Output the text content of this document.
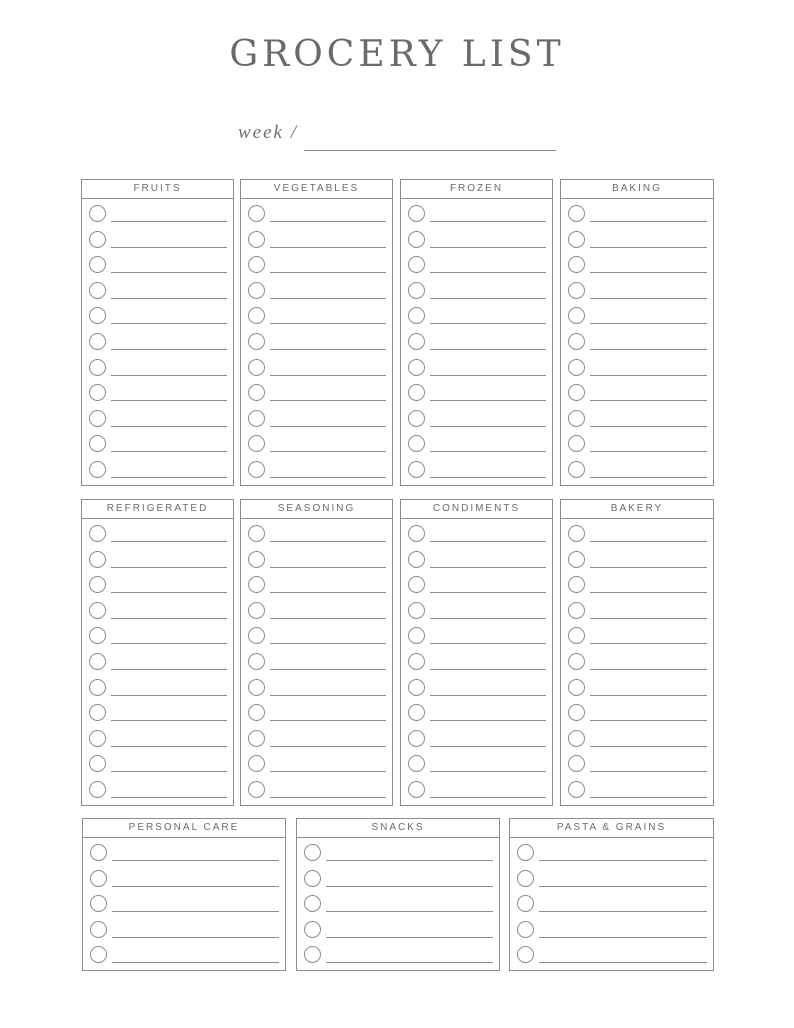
GROCERY LIST
week /
FRUITS	VEGETABLES	FROZEN	BAKING
REFRIGERATED	SEASONING	CONDIMENTS	BAKERY
PERSONAL CARE	SNACKS	PASTA & GRAINS
